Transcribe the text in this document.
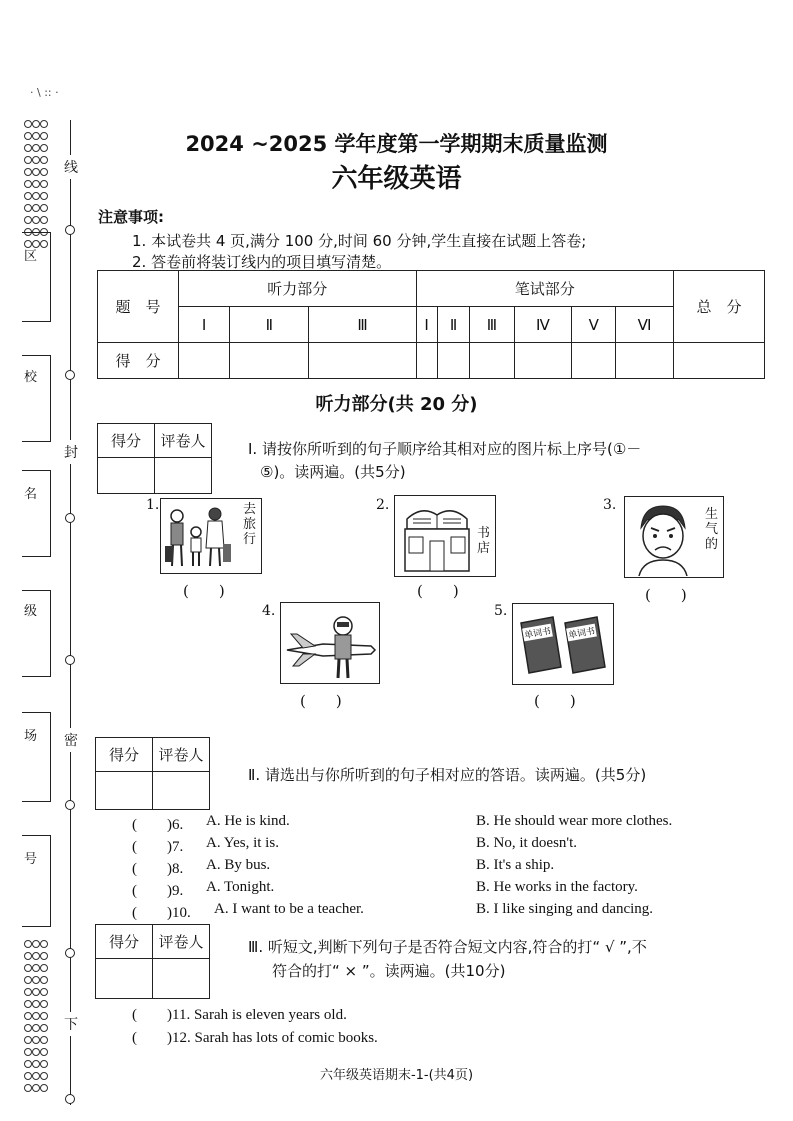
· \ :: ·
线
封
密
下

区
校
名
级
场
号
2024 ~2025 学年度第一学期期末质量监测
六年级英语
注意事项:
1. 本试卷共 4 页,满分 100 分,时间 60 分钟,学生直接在试题上答卷;
2. 答卷前将装订线内的项目填写清楚。
题　号	听力部分			笔试部分						总　分
	Ⅰ	Ⅱ	Ⅲ	Ⅰ	Ⅱ	Ⅲ	Ⅳ	Ⅴ	Ⅵ	
得　分										
听力部分(共 20 分)
得分	评卷人
		Ⅰ. 请按你所听到的句子顺序给其相对应的图片标上序号(①－
⑤)。读两遍。(共5分)
1.	去旅行
(　　)
2.
书店
(　　)
3.
生气的
(　　)
4.
(　　)
5.
单词书 单词书
(　　)
得分	评卷人

Ⅱ. 请选出与你所听到的句子相对应的答语。读两遍。(共5分)
(　　)6. A. He is kind.	B. He should wear more clothes.
(　　)7. A. Yes, it is.	B. No, it doesn't.
(　　)8. A. By bus.	B. It's a ship.
(　　)9. A. Tonight.	B. He works in the factory.
(　　)10. A. I want to be a teacher.	B. I like singing and dancing.
得分	评卷人
		Ⅲ. 听短文,判断下列句子是否符合短文内容,符合的打“ √ ”,不
符合的打“ × ”。读两遍。(共10分)
(　　)11. Sarah is eleven years old.
(　　)12. Sarah has lots of comic books.
六年级英语期末-1-(共4页)
